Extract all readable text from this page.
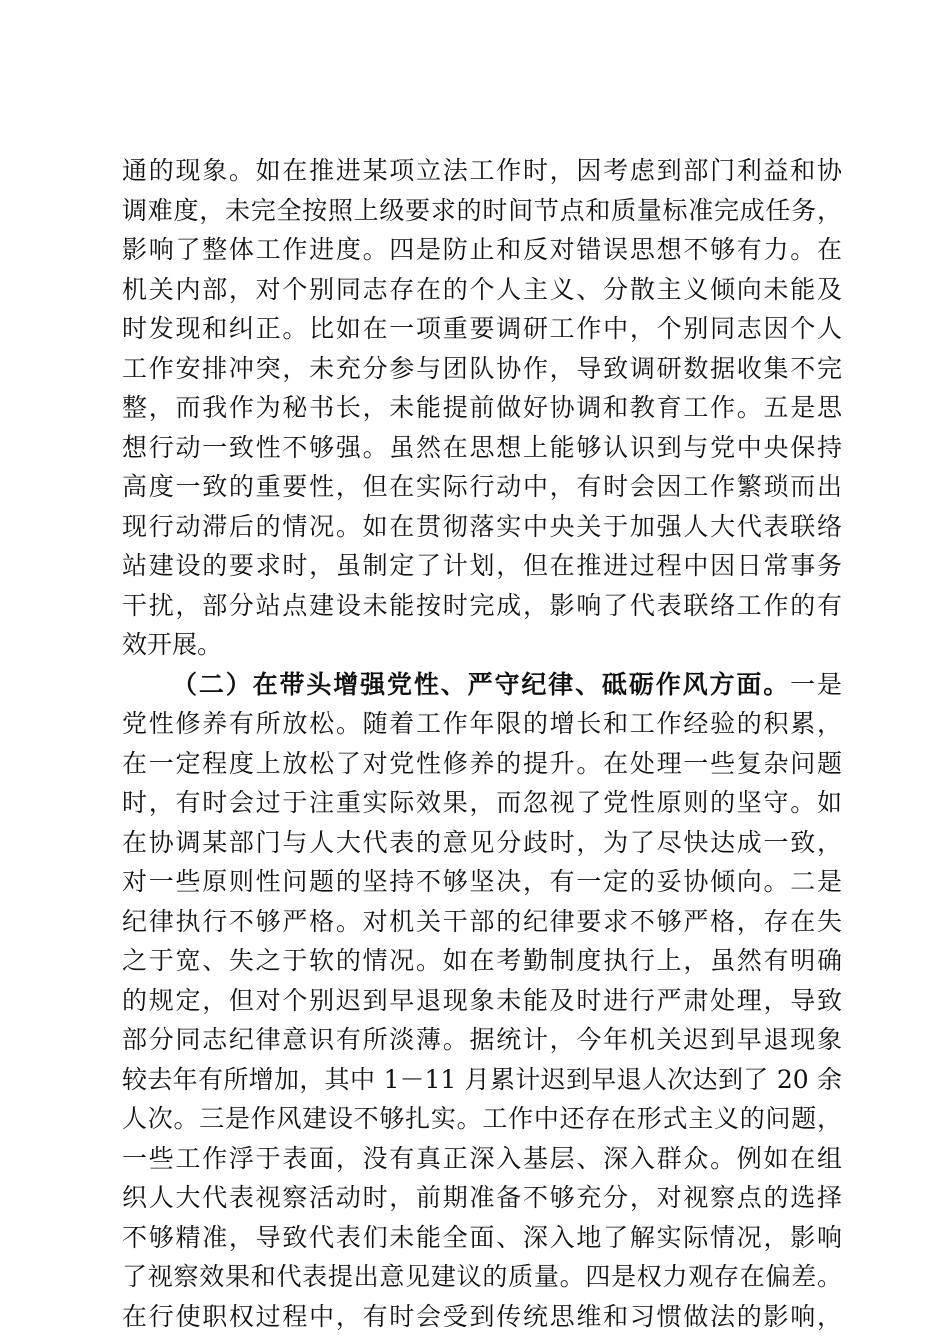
通的现象。如在推进某项立法工作时，因考虑到部门利益和协
调难度，未完全按照上级要求的时间节点和质量标准完成任务，
影响了整体工作进度。四是防止和反对错误思想不够有力。在
机关内部，对个别同志存在的个人主义、分散主义倾向未能及
时发现和纠正。比如在一项重要调研工作中，个别同志因个人
工作安排冲突，未充分参与团队协作，导致调研数据收集不完
整，而我作为秘书长，未能提前做好协调和教育工作。五是思
想行动一致性不够强。虽然在思想上能够认识到与党中央保持
高度一致的重要性，但在实际行动中，有时会因工作繁琐而出
现行动滞后的情况。如在贯彻落实中央关于加强人大代表联络
站建设的要求时，虽制定了计划，但在推进过程中因日常事务
干扰，部分站点建设未能按时完成，影响了代表联络工作的有
效开展。
（二）在带头增强党性、严守纪律、砥砺作风方面。一是
党性修养有所放松。随着工作年限的增长和工作经验的积累，
在一定程度上放松了对党性修养的提升。在处理一些复杂问题
时，有时会过于注重实际效果，而忽视了党性原则的坚守。如
在协调某部门与人大代表的意见分歧时，为了尽快达成一致，
对一些原则性问题的坚持不够坚决，有一定的妥协倾向。二是
纪律执行不够严格。对机关干部的纪律要求不够严格，存在失
之于宽、失之于软的情况。如在考勤制度执行上，虽然有明确
的规定，但对个别迟到早退现象未能及时进行严肃处理，导致
部分同志纪律意识有所淡薄。据统计，今年机关迟到早退现象
较去年有所增加，其中 1－11 月累计迟到早退人次达到了 20 余
人次。三是作风建设不够扎实。工作中还存在形式主义的问题，
一些工作浮于表面，没有真正深入基层、深入群众。例如在组
织人大代表视察活动时，前期准备不够充分，对视察点的选择
不够精准，导致代表们未能全面、深入地了解实际情况，影响
了视察效果和代表提出意见建议的质量。四是权力观存在偏差。
在行使职权过程中，有时会受到传统思维和习惯做法的影响，
